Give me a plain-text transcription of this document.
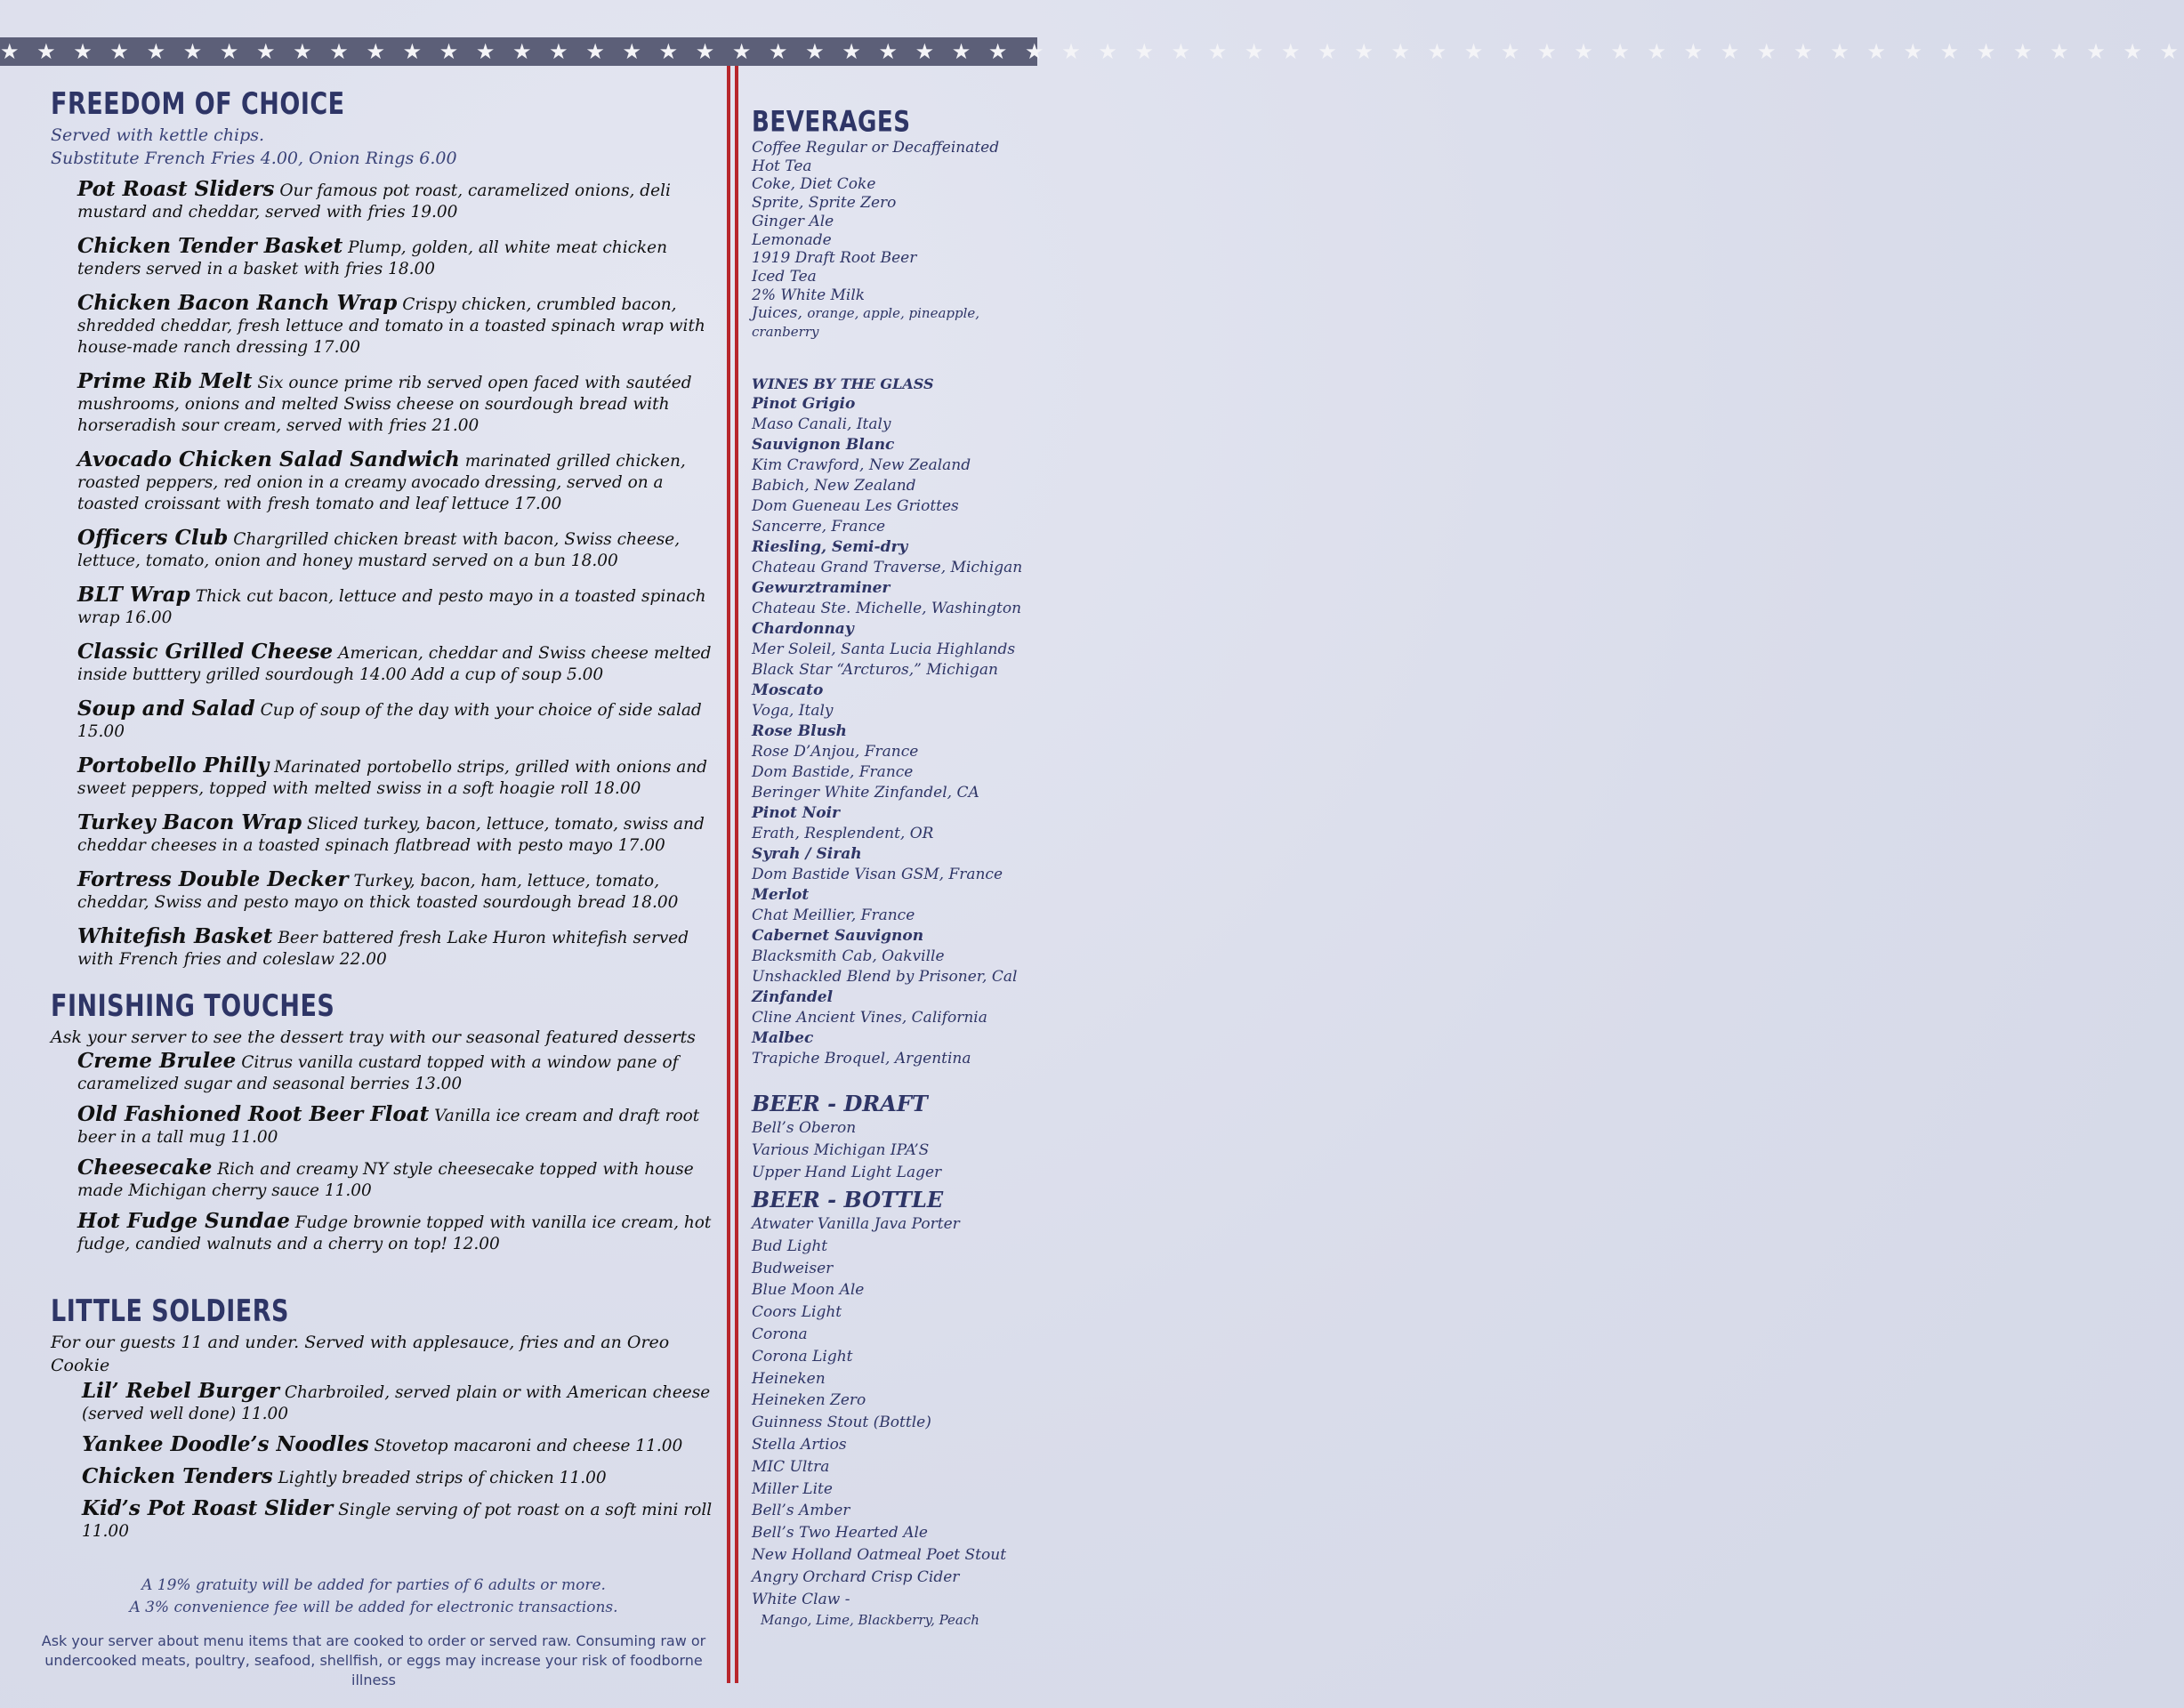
★ ★ ★ ★ ★ ★ ★ ★ ★ ★ ★ ★ ★ ★ ★ ★ ★ ★ ★ ★ ★ ★ ★ ★ ★ ★ ★ ★ ★ ★ ★ ★ ★ ★ ★ ★ ★ ★ ★ ★ ★ ★ ★ ★ ★ ★ ★ ★ ★ ★ ★ ★ ★ ★ ★ ★ ★ ★ ★ ★
FREEDOM OF CHOICE
Served with kettle chips.
Substitute French Fries 4.00, Onion Rings 6.00
Pot Roast Sliders Our famous pot roast, caramelized onions, deli mustard and cheddar, served with fries 19.00
Chicken Tender Basket Plump, golden, all white meat chicken tenders served in a basket with fries 18.00
Chicken Bacon Ranch Wrap Crispy chicken, crumbled bacon, shredded cheddar, fresh lettuce and tomato in a toasted spinach wrap with house-made ranch dressing 17.00
Prime Rib Melt Six ounce prime rib served open faced with sautéed mushrooms, onions and melted Swiss cheese on sourdough bread with horseradish sour cream, served with fries 21.00
Avocado Chicken Salad Sandwich marinated grilled chicken, roasted peppers, red onion in a creamy avocado dressing, served on a toasted croissant with fresh tomato and leaf lettuce 17.00
Officers Club Chargrilled chicken breast with bacon, Swiss cheese, lettuce, tomato, onion and honey mustard served on a bun 18.00
BLT Wrap Thick cut bacon, lettuce and pesto mayo in a toasted spinach wrap 16.00
Classic Grilled Cheese American, cheddar and Swiss cheese melted inside butttery grilled sourdough 14.00 Add a cup of soup 5.00
Soup and Salad Cup of soup of the day with your choice of side salad 15.00
Portobello Philly Marinated portobello strips, grilled with onions and sweet peppers, topped with melted swiss in a soft hoagie roll 18.00
Turkey Bacon Wrap Sliced turkey, bacon, lettuce, tomato, swiss and cheddar cheeses in a toasted spinach flatbread with pesto mayo 17.00
Fortress Double Decker Turkey, bacon, ham, lettuce, tomato, cheddar, Swiss and pesto mayo on thick toasted sourdough bread 18.00
Whitefish Basket Beer battered fresh Lake Huron whitefish served with French fries and coleslaw 22.00
FINISHING TOUCHES
Ask your server to see the dessert tray with our seasonal featured desserts
Creme Brulee Citrus vanilla custard topped with a window pane of caramelized sugar and seasonal berries 13.00
Old Fashioned Root Beer Float Vanilla ice cream and draft root beer in a tall mug 11.00
Cheesecake Rich and creamy NY style cheesecake topped with house made Michigan cherry sauce 11.00
Hot Fudge Sundae Fudge brownie topped with vanilla ice cream, hot fudge, candied walnuts and a cherry on top! 12.00
LITTLE SOLDIERS
For our guests 11 and under. Served with applesauce, fries and an Oreo Cookie
Lil’ Rebel Burger Charbroiled, served plain or with American cheese (served well done) 11.00
Yankee Doodle’s Noodles Stovetop macaroni and cheese 11.00
Chicken Tenders Lightly breaded strips of chicken 11.00
Kid’s Pot Roast Slider Single serving of pot roast on a soft mini roll 11.00
A 19% gratuity will be added for parties of 6 adults or more.
A 3% convenience fee will be added for electronic transactions.
Ask your server about menu items that are cooked to order or served raw. Consuming raw or undercooked meats, poultry, seafood, shellfish, or eggs may increase your risk of foodborne illness
BEVERAGES
Coffee Regular or Decaffeinated
Hot Tea
Coke, Diet Coke
Sprite, Sprite Zero
Ginger Ale
Lemonade
1919 Draft Root Beer
Iced Tea
2% White Milk
Juices, orange, apple, pineapple, cranberry
WINES BY THE GLASS
Pinot Grigio
Maso Canali, Italy
Sauvignon Blanc
Kim Crawford, New Zealand
Babich, New Zealand
Dom Gueneau Les Griottes
Sancerre, France
Riesling, Semi-dry
Chateau Grand Traverse, Michigan
Gewurztraminer
Chateau Ste. Michelle, Washington
Chardonnay
Mer Soleil, Santa Lucia Highlands
Black Star “Arcturos,” Michigan
Moscato
Voga, Italy
Rose Blush
Rose D’Anjou, France
Dom Bastide, France
Beringer White Zinfandel, CA
Pinot Noir
Erath, Resplendent, OR
Syrah / Sirah
Dom Bastide Visan GSM, France
Merlot
Chat Meillier, France
Cabernet Sauvignon
Blacksmith Cab, Oakville
Unshackled Blend by Prisoner, Cal
Zinfandel
Cline Ancient Vines, California
Malbec
Trapiche Broquel, Argentina
BEER - DRAFT
Bell’s Oberon
Various Michigan IPA’S
Upper Hand Light Lager
BEER - BOTTLE
Atwater Vanilla Java Porter
Bud Light
Budweiser
Blue Moon Ale
Coors Light
Corona
Corona Light
Heineken
Heineken Zero
Guinness Stout (Bottle)
Stella Artios
MIC Ultra
Miller Lite
Bell’s Amber
Bell’s Two Hearted Ale
New Holland Oatmeal Poet Stout
Angry Orchard Crisp Cider
White Claw -
Mango, Lime, Blackberry, Peach
